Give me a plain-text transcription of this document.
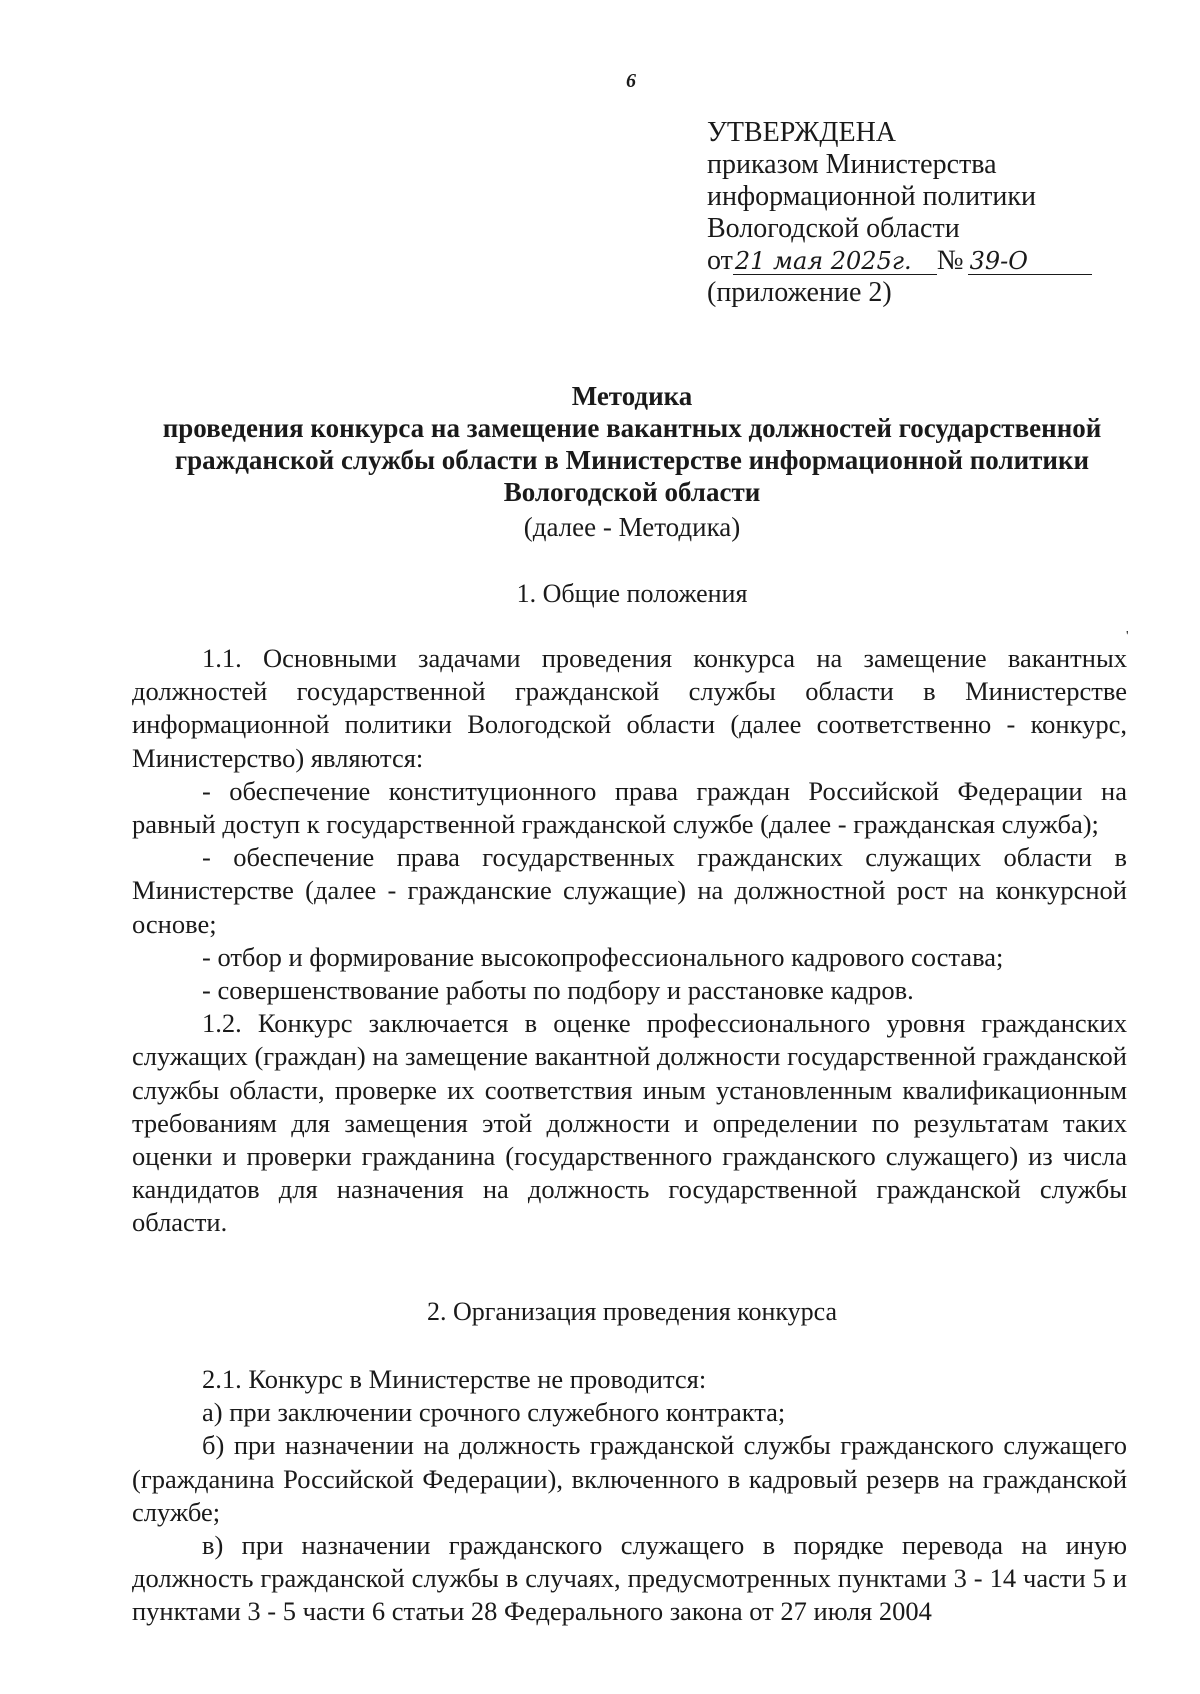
6
УТВЕРЖДЕНА
приказом Министерства
информационной политики
Вологодской области
от21 мая 2025г. № 39-О
(приложение 2)
Методика
проведения конкурса на замещение вакантных должностей государственной
гражданской службы области в Министерстве информационной политики
Вологодской области
(далее - Методика)
1. Общие положения
'

1.1. Основными задачами проведения конкурса на замещение вакантных должностей государственной гражданской службы области в Министерстве информационной политики Вологодской области (далее соответственно - конкурс, Министерство) являются:

- обеспечение конституционного права граждан Российской Федерации на равный доступ к государственной гражданской службе (далее - гражданская служба);

- обеспечение права государственных гражданских служащих области в Министерстве (далее - гражданские служащие) на должностной рост на конкурсной основе;

- отбор и формирование высокопрофессионального кадрового состава;

- совершенствование работы по подбору и расстановке кадров.

1.2. Конкурс заключается в оценке профессионального уровня гражданских служащих (граждан) на замещение вакантной должности государственной гражданской службы области, проверке их соответствия иным установленным квалификационным требованиям для замещения этой должности и определении по результатам таких оценки и проверки гражданина (государственного гражданского служащего) из числа кандидатов для назначения на должность государственной гражданской службы области.

2. Организация проведения конкурса

2.1. Конкурс в Министерстве не проводится:

а) при заключении срочного служебного контракта;

б) при назначении на должность гражданской службы гражданского служащего (гражданина Российской Федерации), включенного в кадровый резерв на гражданской службе;

в) при назначении гражданского служащего в порядке перевода на иную должность гражданской службы в случаях, предусмотренных пунктами 3 - 14 части 5 и пунктами 3 - 5 части 6 статьи 28 Федерального закона от 27 июля 2004
